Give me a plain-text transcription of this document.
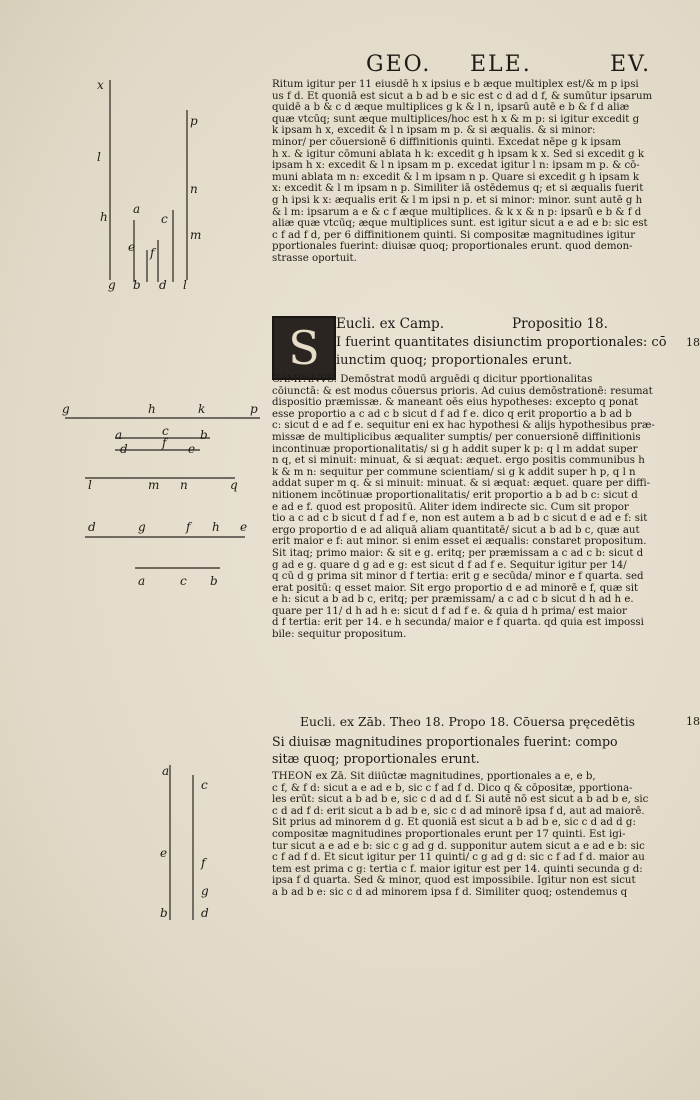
GEO. ELE.	EV.
Ritum igitur per 11 eiusdē h x ipsius e b æque multiplex est/& m p ipsi
us f d. Et quoniā est sicut a b ad b e sic est c d ad d f, & sumūtur ipsarum
quidē a b & c d æque multiplices g k & l n, ipsarū autē e b & f d aliæ
quæ vtcūq; sunt æque multiplices/hoc est h x & m p: si igitur excedit g
k ipsam h x, excedit & l n ipsam m p. & si æqualis. & si minor:
minor/ per cōuersionē 6 diffinitionis quinti. Excedat nēpe g k ipsam
h x. & igitur cōmuni ablata h k: excedit g h ipsam k x. Sed si excedit g k
ipsam h x: excedit & l n ipsam m p. excedat igitur l n: ipsam m p. & cō-
muni ablata m n: excedit & l m ipsam n p. Quare si excedit g h ipsam k
x: excedit & l m ipsam n p. Similiter iā ostēdemus q; et si æqualis fuerit
g h ipsi k x: æqualis erit & l m ipsi n p. et si minor: minor. sunt autē g h
& l m: ipsarum a e & c f æque multiplices. & k x & n p: ipsarū e b & f d
aliæ quæ vtcūq; æque multiplices sunt. est igitur sicut a e ad e b: sic est
c f ad f d, per 6 diffinitionem quinti. Si compositæ magnitudines igitur
pportionales fuerint: diuisæ quoq; proportionales erunt. quod demon-
strasse oportuit.
S	Eucli. ex Camp.	Propositio 18.
I fuerint quantitates disiunctim proportionales: cō
iunctim quoq; proportionales erunt.
18
CAMPANVS. Demōstrat modū arguēdi q dicitur pportionalitas
cōiunctā: & est modus cōuersus prioris. Ad cuius demōstrationē: resumat
dispositio præmissæ. & maneant oēs eius hypotheses: excepto q ponat
esse proportio a c ad c b sicut d f ad f e. dico q erit proportio a b ad b
c: sicut d e ad f e. sequitur eni ex hac hypothesi & alijs hypothesibus præ-
missæ de multiplicibus æqualiter sumptis/ per conuersionē diffinitionis
incontinuæ proportionalitatis/ si g h addit super k p: q l m addat super
n q, et si minuit: minuat, & si æquat: æquet. ergo positis communibus h
k & m n: sequitur per commune scientiam/ si g k addit super h p, q l n
addat super m q. & si minuit: minuat. & si æquat: æquet. quare per diffi-
nitionem incōtinuæ proportionalitatis/ erit proportio a b ad b c: sicut d
e ad e f. quod est propositū. Aliter idem indirecte sic. Cum sit propor
tio a c ad c b sicut d f ad f e, non est autem a b ad b c sicut d e ad e f: sit
ergo proportio d e ad aliquā aliam quantitatē/ sicut a b ad b c, quæ aut
erit maior e f: aut minor. si enim esset ei æqualis: constaret propositum.
Sit itaq; primo maior: & sit e g. eritq; per præmissam a c ad c b: sicut d
g ad e g. quare d g ad e g: est sicut d f ad f e. Sequitur igitur per 14/
q cū d g prima sit minor d f tertia: erit g e secūda/ minor e f quarta. sed
erat positū: q esset maior. Sit ergo proportio d e ad minorē e f, quæ sit
e h: sicut a b ad b c, eritq; per præmissam/ a c ad c b sicut d h ad h e.
quare per 11/ d h ad h e: sicut d f ad f e. & quia d h prima/ est maior
d f tertia: erit per 14. e h secunda/ maior e f quarta. qd quia est impossi
bile: sequitur propositum.
Eucli. ex Zāb. Theo 18. Propo 18. Cōuersa pręcedētis	18
Si diuisæ magnitudines proportionales fuerint: compo
sitæ quoq; proportionales erunt.
THEON ex Zā. Sit diiūctæ magnitudines, pportionales a e, e b,
c f, & f d: sicut a e ad e b, sic c f ad f d. Dico q & cōpositæ, pportiona-
les erūt: sicut a b ad b e, sic c d ad d f. Si autē nō est sicut a b ad b e, sic
c d ad f d: erit sicut a b ad b e, sic c d ad minorē ipsa f d, aut ad maiorē.
Sit prius ad minorem d g. Et quoniā est sicut a b ad b e, sic c d ad d g:
compositæ magnitudines proportionales erunt per 17 quinti. Est igi-
tur sicut a e ad e b: sic c g ad g d. supponitur autem sicut a e ad e b: sic
c f ad f d. Et sicut igitur per 11 quinti/ c g ad g d: sic c f ad f d. maior au
tem est prima c g: tertia c f. maior igitur est per 14. quinti secunda g d:
ipsa f d quarta. Sed & minor, quod est impossibile. Igitur non est sicut
a b ad b e: sic c d ad minorem ipsa f d. Similiter quoq; ostendemus q
x
l
h
p
n
m
a
c
e f
g b d l
g	h	k	p
a	c	b
d	f e
l	m n	q
d	g	f h e
a	c b
a
c
e
f
g
b	d
